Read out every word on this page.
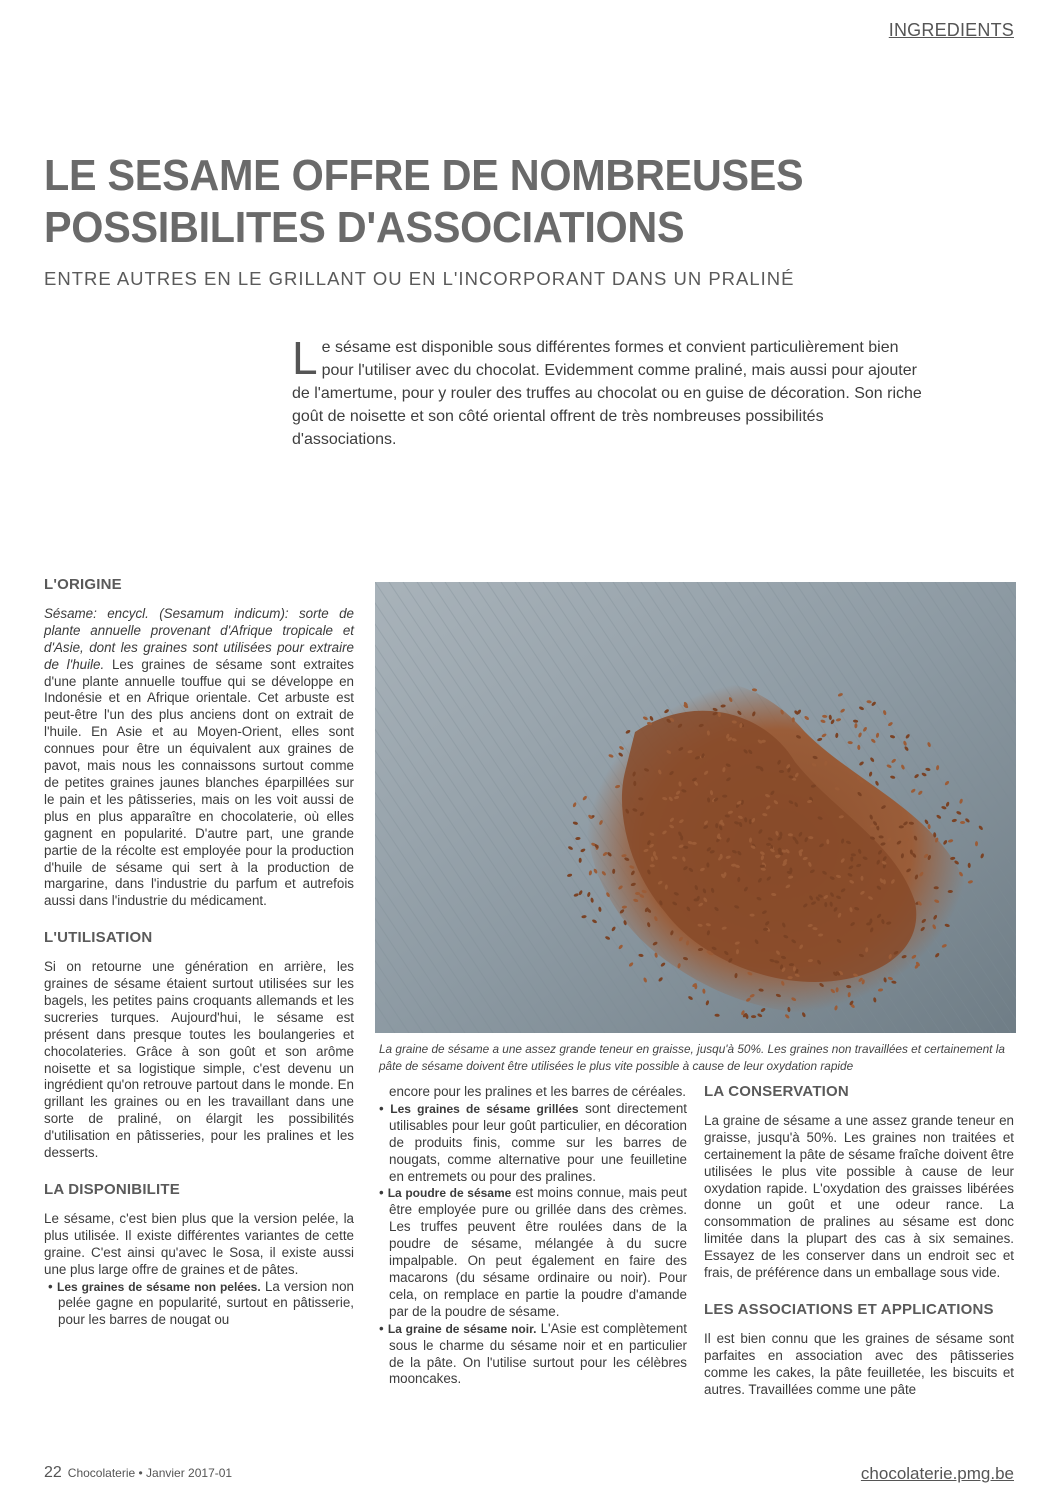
INGREDIENTS
LE SESAME OFFRE DE NOMBREUSES
POSSIBILITES D'ASSOCIATIONS
ENTRE AUTRES EN LE GRILLANT OU EN L'INCORPORANT DANS UN PRALINÉ
Le sésame est disponible sous différentes formes et convient particulièrement bien pour l'utiliser avec du chocolat. Evidemment comme praliné, mais aussi pour ajouter de l'amertume, pour y rouler des truffes au chocolat ou en guise de décoration. Son riche goût de noisette et son côté oriental offrent de très nombreuses possibilités d'associations.
L'ORIGINE

Sésame: encycl. (Sesamum indicum): sorte de plante annuelle provenant d'Afrique tropicale et d'Asie, dont les graines sont utilisées pour extraire de l'huile. Les graines de sésame sont extraites d'une plante annuelle touffue qui se développe en Indonésie et en Afrique orientale. Cet arbuste est peut-être l'un des plus anciens dont on extrait de l'huile. En Asie et au Moyen-Orient, elles sont connues pour être un équivalent aux graines de pavot, mais nous les connaissons surtout comme de petites graines jaunes blanches éparpillées sur le pain et les pâtisseries, mais on les voit aussi de plus en plus apparaître en chocolaterie, où elles gagnent en popularité. D'autre part, une grande partie de la récolte est employée pour la production d'huile de sésame qui sert à la production de margarine, dans l'industrie du parfum et autrefois aussi dans l'industrie du médicament.

L'UTILISATION

Si on retourne une génération en arrière, les graines de sésame étaient surtout utilisées sur les bagels, les petites pains croquants allemands et les sucreries turques. Aujourd'hui, le sésame est présent dans presque toutes les boulangeries et chocolateries. Grâce à son goût et son arôme noisette et sa logistique simple, c'est devenu un ingrédient qu'on retrouve partout dans le monde. En grillant les graines ou en les travaillant dans une sorte de praliné, on élargit les possibilités d'utilisation en pâtisseries, pour les pralines et les desserts.

LA DISPONIBILITE

Le sésame, c'est bien plus que la version pelée, la plus utilisée. Il existe différentes variantes de cette graine. C'est ainsi qu'avec le Sosa, il existe aussi une plus large offre de graines et de pâtes.

• Les graines de sésame non pelées. La version non pelée gagne en popularité, surtout en pâtisserie, pour les barres de nougat ou

La graine de sésame a une assez grande teneur en graisse, jusqu'à 50%. Les graines non travaillées et certainement la pâte de sésame doivent être utilisées le plus vite possible à cause de leur oxydation rapide

encore pour les pralines et les barres de céréales.

• Les graines de sésame grillées sont directement utilisables pour leur goût particulier, en décoration de produits finis, comme sur les barres de nougats, comme alternative pour une feuilletine en entremets ou pour des pralines.

• La poudre de sésame est moins connue, mais peut être employée pure ou grillée dans des crèmes. Les truffes peuvent être roulées dans de la poudre de sésame, mélangée à du sucre impalpable. On peut également en faire des macarons (du sésame ordinaire ou noir). Pour cela, on remplace en partie la poudre d'amande par de la poudre de sésame.

• La graine de sésame noir. L'Asie est complètement sous le charme du sésame noir et en particulier de la pâte. On l'utilise surtout pour les célèbres mooncakes.

LA CONSERVATION

La graine de sésame a une assez grande teneur en graisse, jusqu'à 50%. Les graines non traitées et certainement la pâte de sésame fraîche doivent être utilisées le plus vite possible à cause de leur oxydation rapide. L'oxydation des graisses libérées donne un goût et une odeur rance. La consommation de pralines au sésame est donc limitée dans la plupart des cas à six semaines. Essayez de les conserver dans un endroit sec et frais, de préférence dans un emballage sous vide.

LES ASSOCIATIONS ET APPLICATIONS

Il est bien connu que les graines de sésame sont parfaites en association avec des pâtisseries comme les cakes, la pâte feuilletée, les biscuits et autres. Travaillées comme une pâte

22 Chocolaterie • Janvier 2017-01	chocolaterie.pmg.be
